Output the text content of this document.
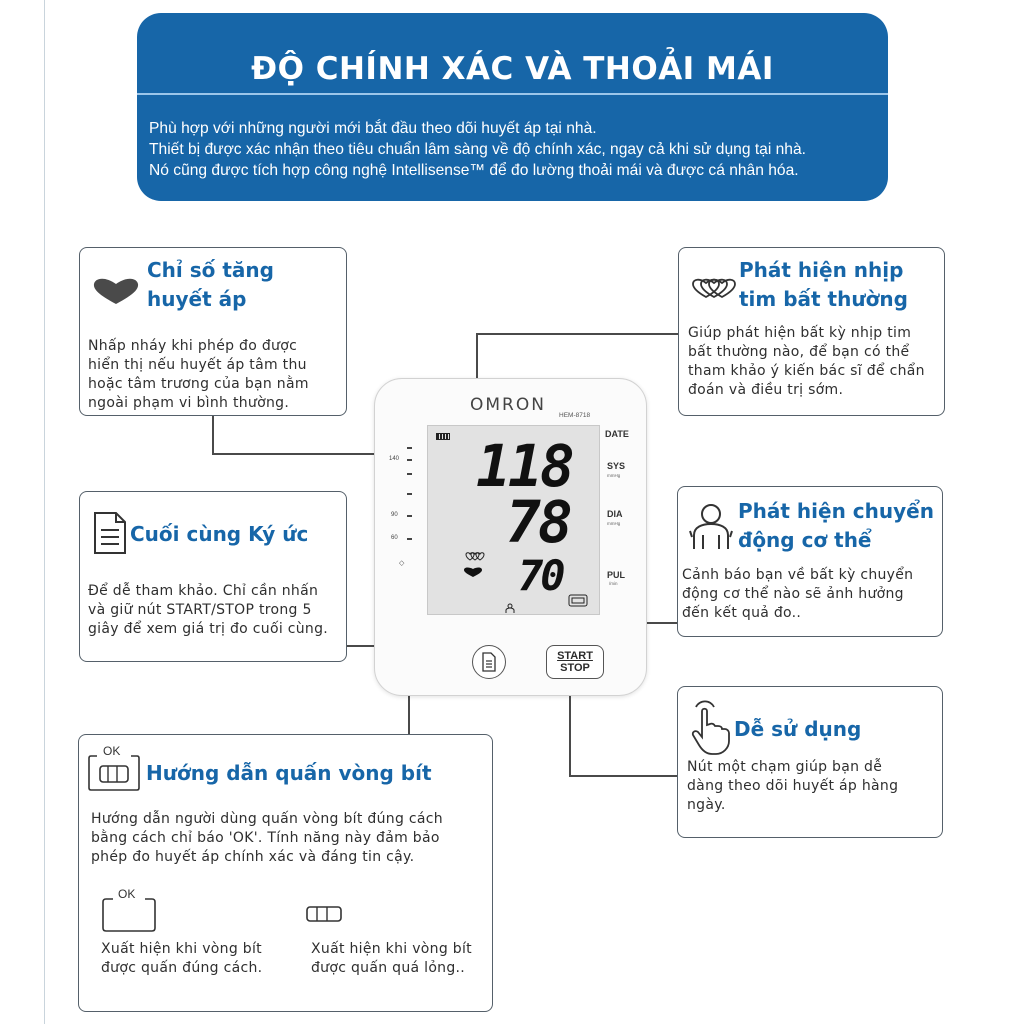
ĐỘ CHÍNH XÁC VÀ THOẢI MÁI
Phù hợp với những người mới bắt đầu theo dõi huyết áp tại nhà.
Thiết bị được xác nhận theo tiêu chuẩn lâm sàng về độ chính xác, ngay cả khi sử dụng tại nhà.
Nó cũng được tích hợp công nghệ Intellisense™ để đo lường thoải mái và được cá nhân hóa.
Chỉ số tăng
huyết áp
Nhấp nháy khi phép đo được
hiển thị nếu huyết áp tâm thu
hoặc tâm trương của bạn nằm
ngoài phạm vi bình thường.
Phát hiện nhịp
tim bất thường
Giúp phát hiện bất kỳ nhịp tim
bất thường nào, để bạn có thể
tham khảo ý kiến bác sĩ để chẩn
đoán và điều trị sớm.
Cuối cùng Ký ức
Để dễ tham khảo. Chỉ cần nhấn
và giữ nút START/STOP trong 5
giây để xem giá trị đo cuối cùng.
Phát hiện chuyển
động cơ thể
Cảnh báo bạn về bất kỳ chuyển
động cơ thể nào sẽ ảnh hưởng
đến kết quả đo..
Dễ sử dụng
Nút một chạm giúp bạn dễ
dàng theo dõi huyết áp hàng
ngày.
OK
Hướng dẫn quấn vòng bít
Hướng dẫn người dùng quấn vòng bít đúng cách
bằng cách chỉ báo 'OK'. Tính năng này đảm bảo
phép đo huyết áp chính xác và đáng tin cậy.
OK
Xuất hiện khi vòng bít
được quấn đúng cách.
Xuất hiện khi vòng bít
được quấn quá lỏng..
OMRON
HEM-8718
140
90
60
◇
118
78
70
DATE
SYS
mmHg
DIA
mmHg
PUL
/min
START
STOP
